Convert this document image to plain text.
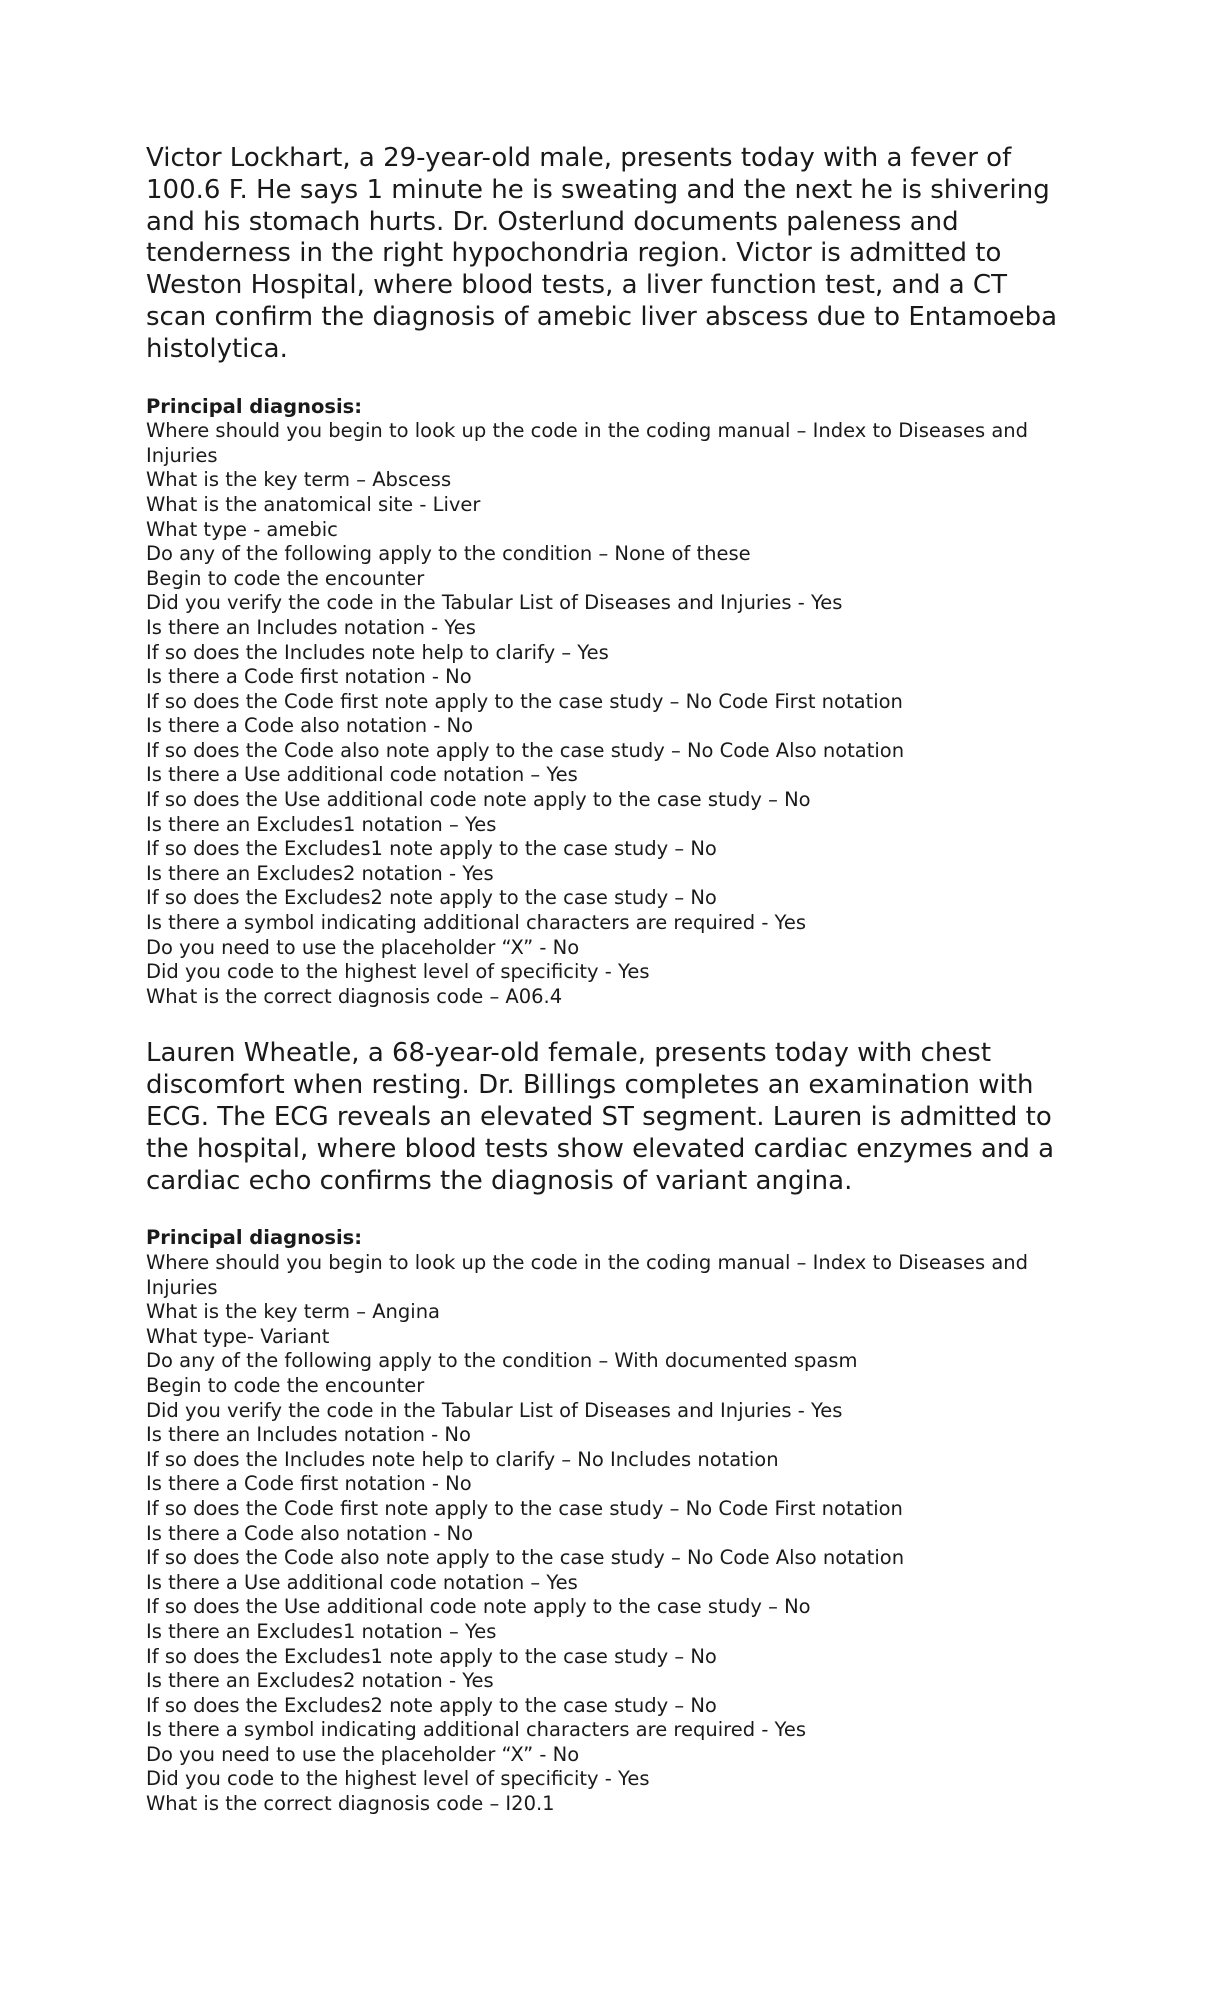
Victor Lockhart, a 29-year-old male, presents today with a fever of 100.6 F. He says 1 minute he is sweating and the next he is shivering and his stomach hurts. Dr. Osterlund documents paleness and tenderness in the right hypochondria region. Victor is admitted to Weston Hospital, where blood tests, a liver function test, and a CT scan confirm the diagnosis of amebic liver abscess due to Entamoeba histolytica.

Principal diagnosis:
Where should you begin to look up the code in the coding manual – Index to Diseases and Injuries
What is the key term – Abscess
What is the anatomical site - Liver
What type - amebic
Do any of the following apply to the condition – None of these
Begin to code the encounter
Did you verify the code in the Tabular List of Diseases and Injuries - Yes
Is there an Includes notation - Yes
If so does the Includes note help to clarify – Yes
Is there a Code first notation - No
If so does the Code first note apply to the case study – No Code First notation
Is there a Code also notation - No
If so does the Code also note apply to the case study – No Code Also notation
Is there a Use additional code notation – Yes
If so does the Use additional code note apply to the case study – No
Is there an Excludes1 notation – Yes
If so does the Excludes1 note apply to the case study – No
Is there an Excludes2 notation - Yes
If so does the Excludes2 note apply to the case study – No
Is there a symbol indicating additional characters are required - Yes
Do you need to use the placeholder “X” - No
Did you code to the highest level of specificity - Yes
What is the correct diagnosis code – A06.4

Lauren Wheatle, a 68-year-old female, presents today with chest discomfort when resting. Dr. Billings completes an examination with ECG. The ECG reveals an elevated ST segment. Lauren is admitted to the hospital, where blood tests show elevated cardiac enzymes and a cardiac echo confirms the diagnosis of variant angina.

Principal diagnosis:
Where should you begin to look up the code in the coding manual – Index to Diseases and Injuries
What is the key term – Angina
What type- Variant
Do any of the following apply to the condition – With documented spasm
Begin to code the encounter
Did you verify the code in the Tabular List of Diseases and Injuries - Yes
Is there an Includes notation - No
If so does the Includes note help to clarify – No Includes notation
Is there a Code first notation - No
If so does the Code first note apply to the case study – No Code First notation
Is there a Code also notation - No
If so does the Code also note apply to the case study – No Code Also notation
Is there a Use additional code notation – Yes
If so does the Use additional code note apply to the case study – No
Is there an Excludes1 notation – Yes
If so does the Excludes1 note apply to the case study – No
Is there an Excludes2 notation - Yes
If so does the Excludes2 note apply to the case study – No
Is there a symbol indicating additional characters are required - Yes
Do you need to use the placeholder “X” - No
Did you code to the highest level of specificity - Yes
What is the correct diagnosis code – I20.1
